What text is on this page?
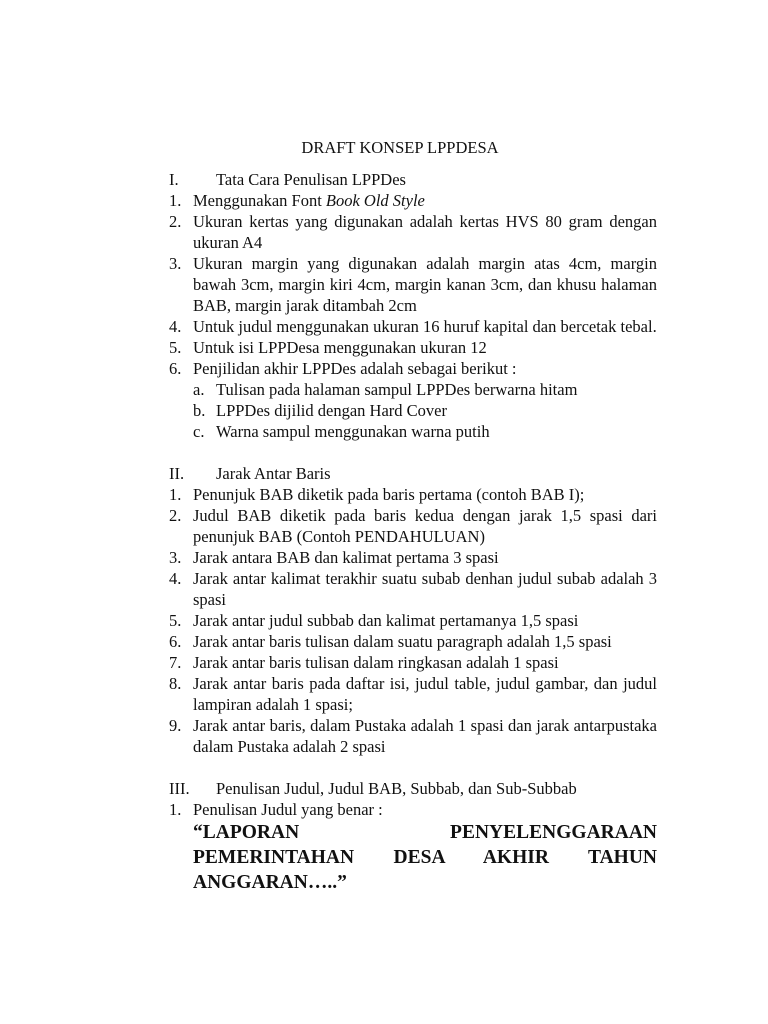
DRAFT KONSEP LPPDESA
I.	Tata Cara Penulisan LPPDes
1. Menggunakan Font Book Old Style
2. Ukuran kertas yang digunakan adalah kertas HVS 80 gram dengan ukuran A4
3. Ukuran margin yang digunakan adalah margin atas 4cm, margin bawah 3cm, margin kiri 4cm, margin kanan 3cm, dan khusu halaman BAB, margin jarak ditambah 2cm
4. Untuk judul menggunakan ukuran 16 huruf kapital dan bercetak tebal.
5. Untuk isi LPPDesa menggunakan ukuran 12
6. Penjilidan akhir LPPDes adalah sebagai berikut :
a. Tulisan pada halaman sampul LPPDes berwarna hitam
b. LPPDes dijilid dengan Hard Cover
c. Warna sampul menggunakan warna putih
II.	Jarak Antar Baris
1. Penunjuk BAB diketik pada baris pertama (contoh BAB I);
2. Judul BAB diketik pada baris kedua dengan jarak 1,5 spasi dari penunjuk BAB (Contoh PENDAHULUAN)
3. Jarak antara BAB dan kalimat pertama 3 spasi
4. Jarak antar kalimat terakhir suatu subab denhan judul subab adalah 3 spasi
5. Jarak antar judul subbab dan kalimat pertamanya 1,5 spasi
6. Jarak antar baris tulisan dalam suatu paragraph adalah 1,5 spasi
7. Jarak antar baris tulisan dalam ringkasan adalah 1 spasi
8. Jarak antar baris pada daftar isi, judul table, judul gambar, dan judul lampiran adalah 1 spasi;
9. Jarak antar baris, dalam Pustaka adalah 1 spasi dan jarak antarpustaka dalam Pustaka adalah 2 spasi
III.	Penulisan Judul, Judul BAB, Subbab, dan Sub-Subbab
1. Penulisan Judul yang benar :
“LAPORAN PENYELENGGARAAN
PEMERINTAHAN DESA AKHIR TAHUN
ANGGARAN…..”
